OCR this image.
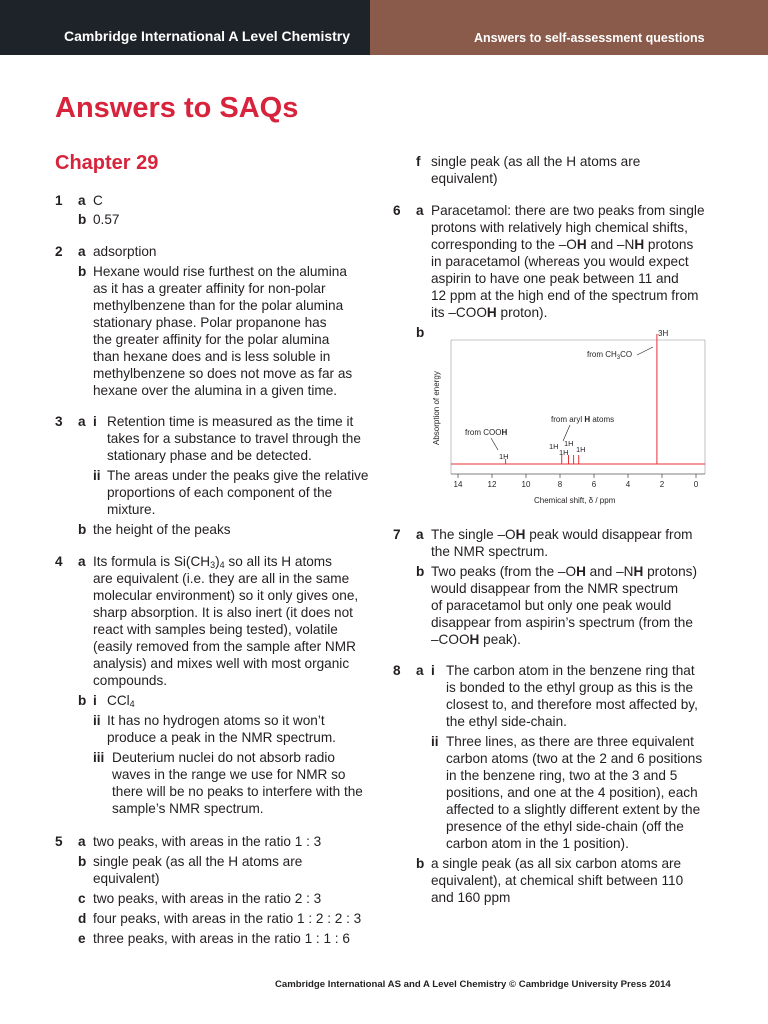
Cambridge International A Level Chemistry	Answers to self-assessment questions
Answers to SAQs
Chapter 29
1 a C
b 0.57
2 a adsorption
b Hexane would rise furthest on the alumina
as it has a greater affinity for non-polar
methylbenzene than for the polar alumina
stationary phase. Polar propanone has
the greater affinity for the polar alumina
than hexane does and is less soluble in
methylbenzene so does not move as far as
hexane over the alumina in a given time.
3 a i Retention time is measured as the time it
takes for a substance to travel through the
stationary phase and be detected.
ii The areas under the peaks give the relative
proportions of each component of the
mixture.
b the height of the peaks
4 a Its formula is $Si(CH_3)_4$ so all its H atoms
are equivalent (i.e. they are all in the same
molecular environment) so it only gives one,
sharp absorption. It is also inert (it does not
react with samples being tested), volatile
(easily removed from the sample after NMR
analysis) and mixes well with most organic
compounds.
b i CCl$_4$
ii It has no hydrogen atoms so it won’t
produce a peak in the NMR spectrum.
iii Deuterium nuclei do not absorb radio
waves in the range we use for NMR so
there will be no peaks to interfere with the
sample’s NMR spectrum.
5 a two peaks, with areas in the ratio 1 : 3
b single peak (as all the H atoms are
equivalent)
c two peaks, with areas in the ratio 2 : 3
d four peaks, with areas in the ratio 1 : 2 : 2 : 3
e three peaks, with areas in the ratio 1 : 1 : 6
f single peak (as all the H atoms are
equivalent)
6 a Paracetamol: there are two peaks from single
protons with relatively high chemical shifts,
corresponding to the –OH and –NH protons
in paracetamol (whereas you would expect
aspirin to have one peak between 11 and
12 ppm at the high end of the spectrum from
its –COOH proton).
b
14	12	10	8	6	4	2	0
Absorption of energy
Chemical shift, δ / ppm
from $CH_3CO$
3H
from aryl H atoms
1H 1H
1H 1H
from COOH
1H
7 a The single –OH peak would disappear from
the NMR spectrum.
b Two peaks (from the –OH and –NH protons)
would disappear from the NMR spectrum
of paracetamol but only one peak would
disappear from aspirin’s spectrum (from the
–COOH peak).
8 a i The carbon atom in the benzene ring that
is bonded to the ethyl group as this is the
closest to, and therefore most affected by,
the ethyl side-chain.
ii Three lines, as there are three equivalent
carbon atoms (two at the 2 and 6 positions
in the benzene ring, two at the 3 and 5
positions, and one at the 4 position), each
affected to a slightly different extent by the
presence of the ethyl side-chain (off the
carbon atom in the 1 position).
b a single peak (as all six carbon atoms are
equivalent), at chemical shift between 110
and 160 ppm
Cambridge International AS and A Level Chemistry © Cambridge University Press 2014
